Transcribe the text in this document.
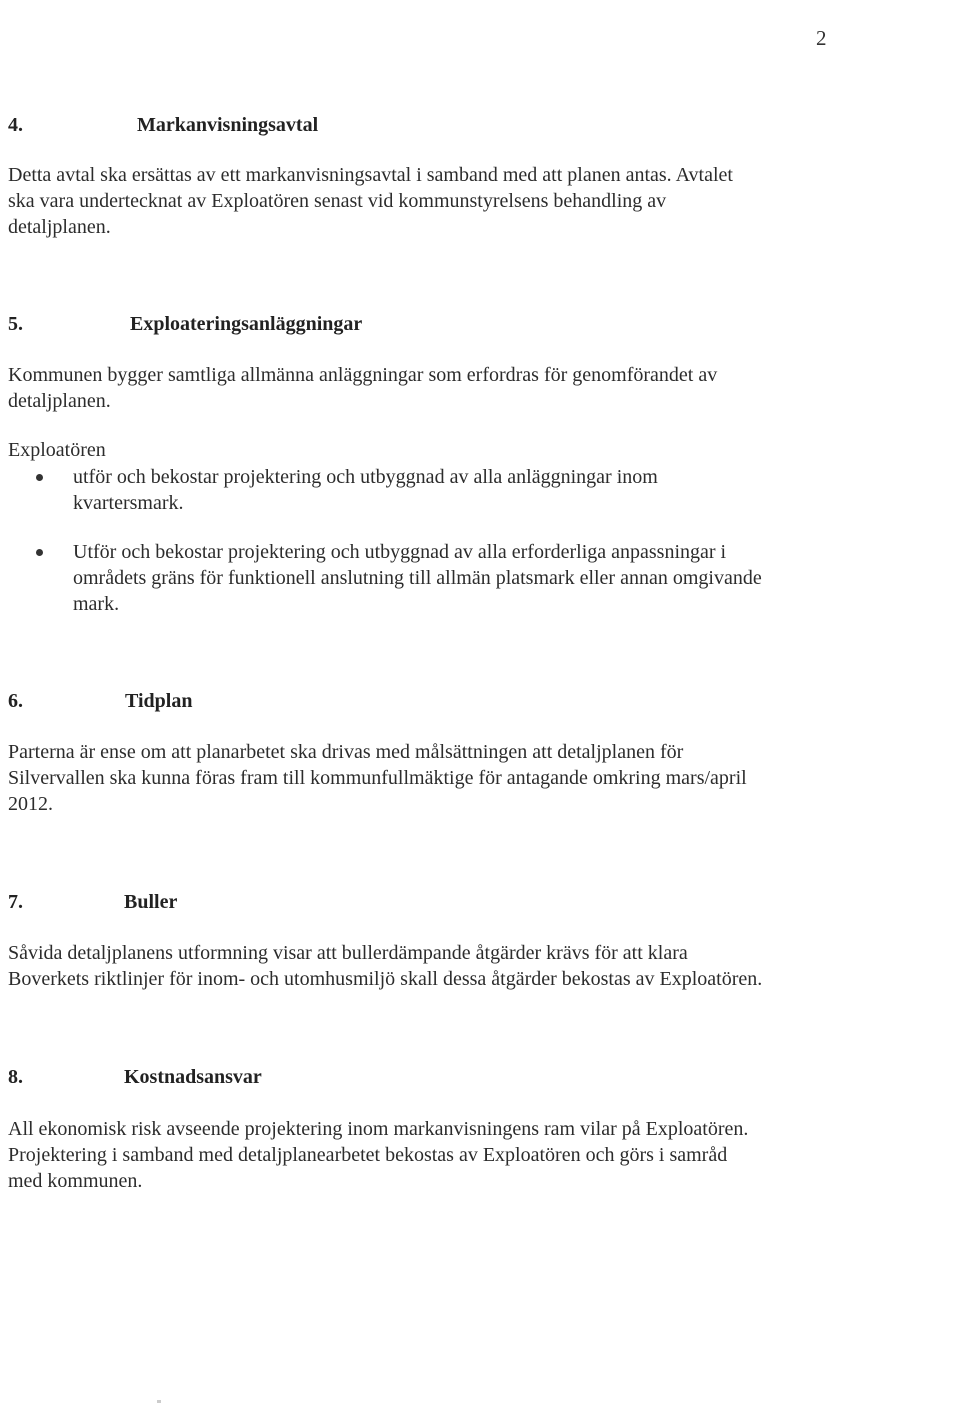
2
4.	Markanvisningsavtal
Detta avtal ska ersättas av ett markanvisningsavtal i samband med att planen antas. Avtalet
ska vara undertecknat av Exploatören senast vid kommunstyrelsens behandling av
detaljplanen.
5.	Exploateringsanläggningar
Kommunen bygger samtliga allmänna anläggningar som erfordras för genomförandet av
detaljplanen.
Exploatören
utför och bekostar projektering och utbyggnad av alla anläggningar inom
kvartersmark.
Utför och bekostar projektering och utbyggnad av alla erforderliga anpassningar i
områdets gräns för funktionell anslutning till allmän platsmark eller annan omgivande
mark.
6.	Tidplan
Parterna är ense om att planarbetet ska drivas med målsättningen att detaljplanen för
Silvervallen ska kunna föras fram till kommunfullmäktige för antagande omkring mars/april
2012.
7.	Buller
Såvida detaljplanens utformning visar att bullerdämpande åtgärder krävs för att klara
Boverkets riktlinjer för inom- och utomhusmiljö skall dessa åtgärder bekostas av Exploatören.
8.	Kostnadsansvar
All ekonomisk risk avseende projektering inom markanvisningens ram vilar på Exploatören.
Projektering i samband med detaljplanearbetet bekostas av Exploatören och görs i samråd
med kommunen.
